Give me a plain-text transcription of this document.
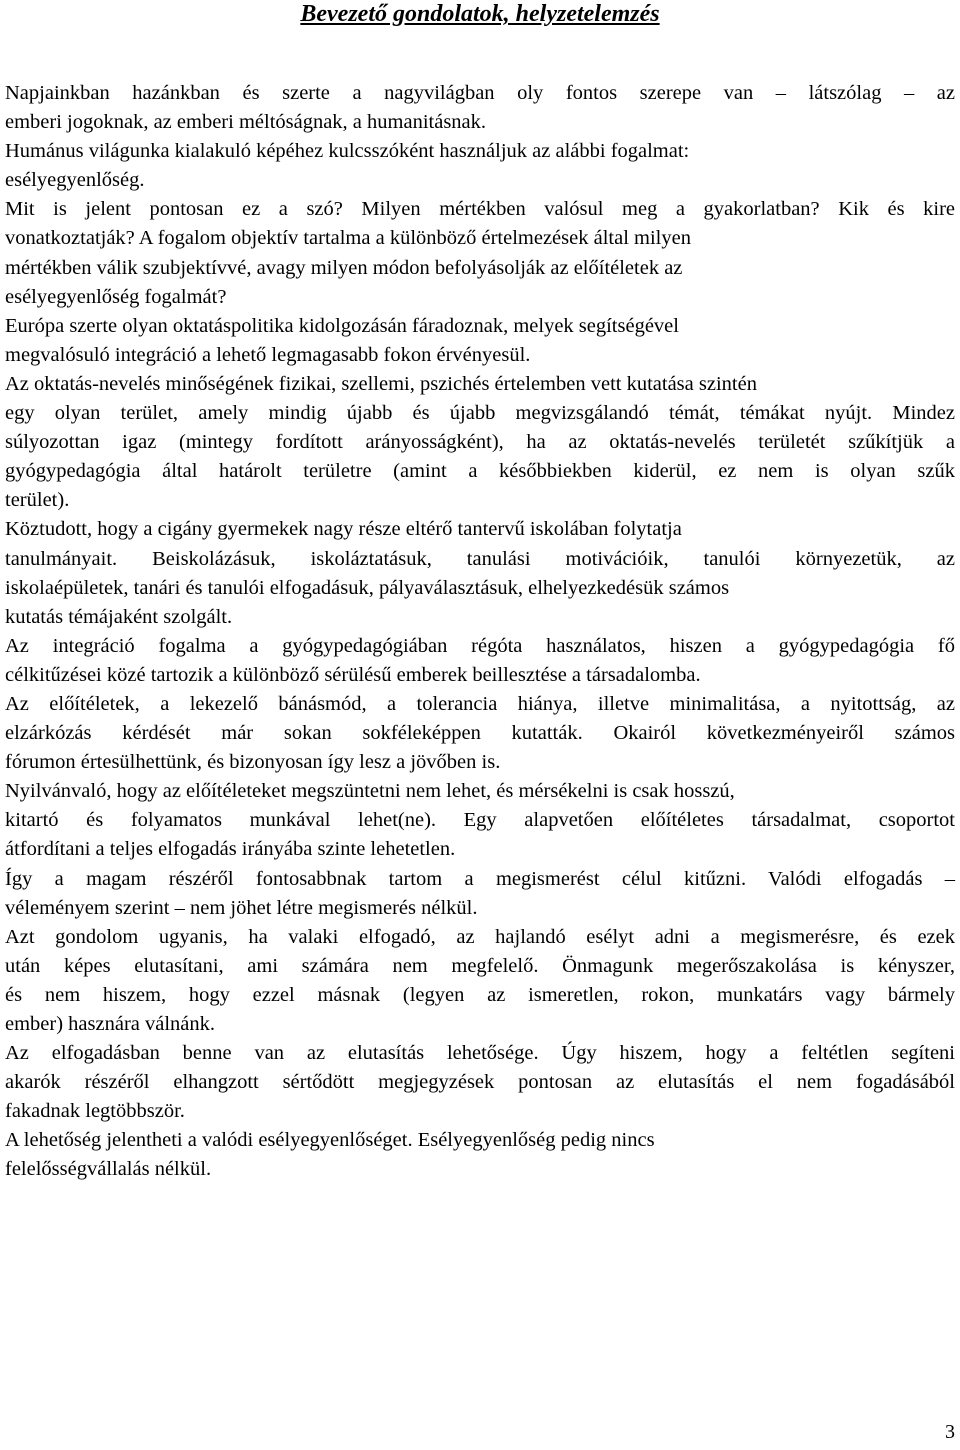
Bevezető gondolatok, helyzetelemzés
Napjainkban hazánkban és szerte a nagyvilágban oly fontos szerepe van – látszólag – az
emberi jogoknak, az emberi méltóságnak, a humanitásnak.
Humánus világunka kialakuló képéhez kulcsszóként használjuk az alábbi fogalmat:
esélyegyenlőség.
Mit is jelent pontosan ez a szó? Milyen mértékben valósul meg a gyakorlatban? Kik és kire
vonatkoztatják? A fogalom objektív tartalma a különböző értelmezések által milyen
mértékben válik szubjektívvé, avagy milyen módon befolyásolják az előítéletek az
esélyegyenlőség fogalmát?
Európa szerte olyan oktatáspolitika kidolgozásán fáradoznak, melyek segítségével
megvalósuló integráció a lehető legmagasabb fokon érvényesül.
Az oktatás-nevelés minőségének fizikai, szellemi, pszichés értelemben vett kutatása szintén
egy olyan terület, amely mindig újabb és újabb megvizsgálandó témát, témákat nyújt. Mindez
súlyozottan igaz (mintegy fordított arányosságként), ha az oktatás-nevelés területét szűkítjük a
gyógypedagógia által határolt területre (amint a későbbiekben kiderül, ez nem is olyan szűk
terület).
Köztudott, hogy a cigány gyermekek nagy része eltérő tantervű iskolában folytatja
tanulmányait. Beiskolázásuk, iskoláztatásuk, tanulási motivációik, tanulói környezetük, az
iskolaépületek, tanári és tanulói elfogadásuk, pályaválasztásuk, elhelyezkedésük számos
kutatás témájaként szolgált.
Az integráció fogalma a gyógypedagógiában régóta használatos, hiszen a gyógypedagógia fő
célkitűzései közé tartozik a különböző sérülésű emberek beillesztése a társadalomba.
Az előítéletek, a lekezelő bánásmód, a tolerancia hiánya, illetve minimalitása, a nyitottság, az
elzárkózás kérdését már sokan sokféleképpen kutatták. Okairól következményeiről számos
fórumon értesülhettünk, és bizonyosan így lesz a jövőben is.
Nyilvánvaló, hogy az előítéleteket megszüntetni nem lehet, és mérsékelni is csak hosszú,
kitartó és folyamatos munkával lehet(ne). Egy alapvetően előítéletes társadalmat, csoportot
átfordítani a teljes elfogadás irányába szinte lehetetlen.
Így a magam részéről fontosabbnak tartom a megismerést célul kitűzni. Valódi elfogadás –
véleményem szerint – nem jöhet létre megismerés nélkül.
Azt gondolom ugyanis, ha valaki elfogadó, az hajlandó esélyt adni a megismerésre, és ezek
után képes elutasítani, ami számára nem megfelelő. Önmagunk megerőszakolása is kényszer,
és nem hiszem, hogy ezzel másnak (legyen az ismeretlen, rokon, munkatárs vagy bármely
ember) hasznára válnánk.
Az elfogadásban benne van az elutasítás lehetősége. Úgy hiszem, hogy a feltétlen segíteni
akarók részéről elhangzott sértődött megjegyzések pontosan az elutasítás el nem fogadásából
fakadnak legtöbbször.
A lehetőség jelentheti a valódi esélyegyenlőséget. Esélyegyenlőség pedig nincs
felelősségvállalás nélkül.
3
